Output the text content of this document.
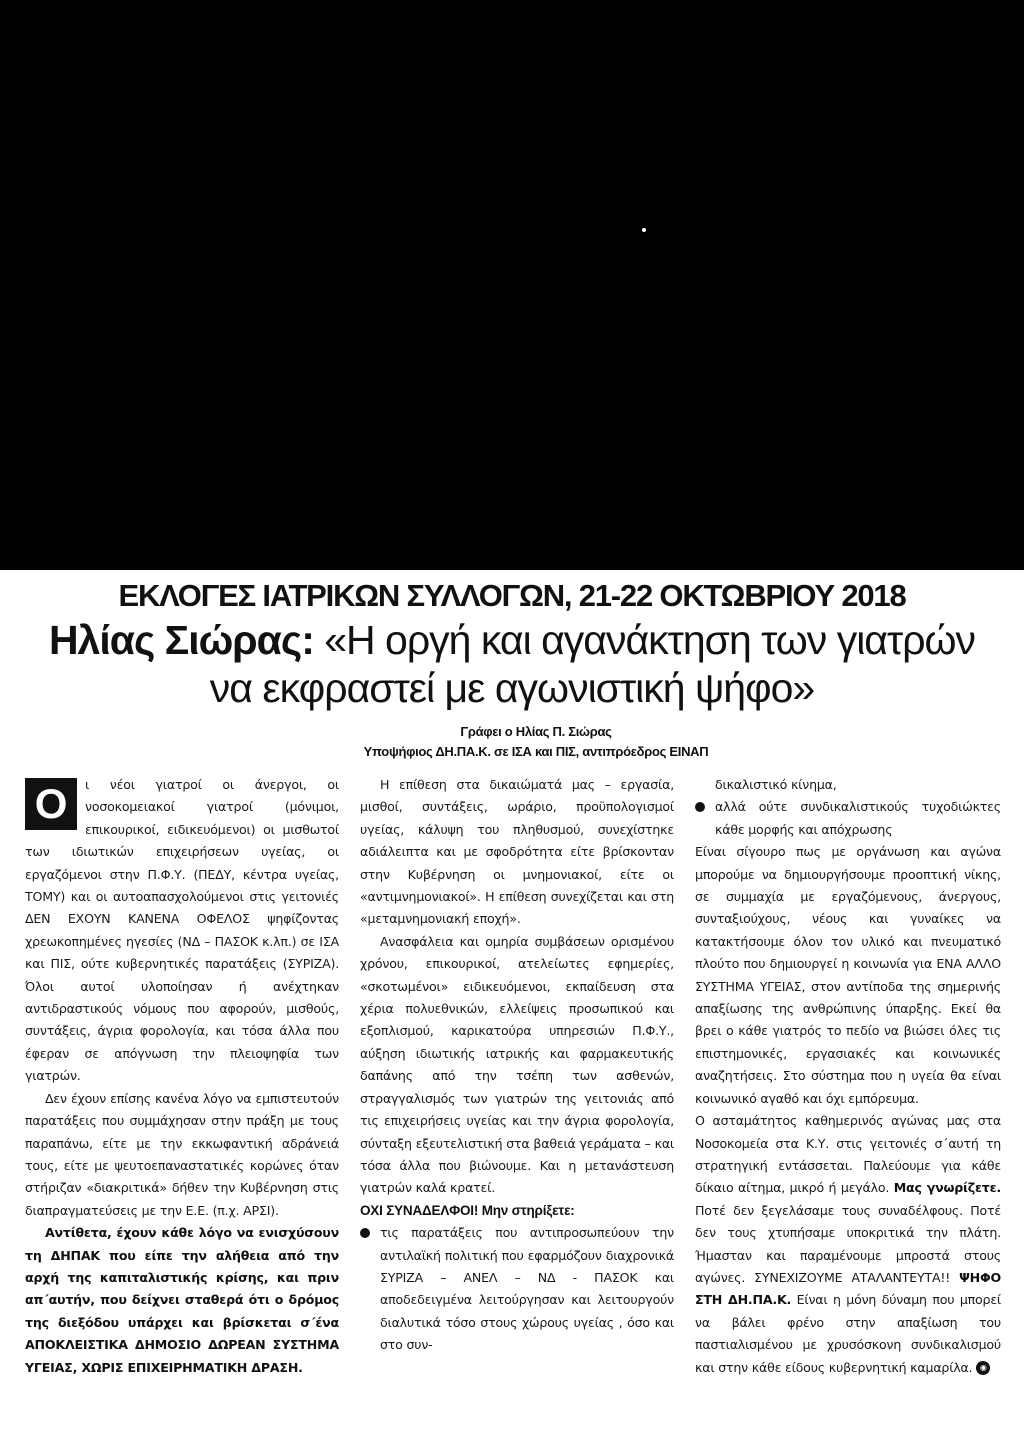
ΕΚΛΟΓΕΣ ΙΑΤΡΙΚΩΝ ΣΥΛΛΟΓΩΝ, 21-22 ΟΚΤΩΒΡΙΟΥ 2018
Ηλίας Σιώρας: «Η οργή και αγανάκτηση των γιατρών
να εκφραστεί με αγωνιστική ψήφο»
Γράφει ο Ηλίας Π. Σιώρας
Υποψήφιος ΔΗ.ΠΑ.Κ. σε ΙΣΑ και ΠΙΣ, αντιπρόεδρος ΕΙΝΑΠ

Ο	ι νέοι γιατροί οι άνεργοι, οι νοσοκομειακοί γιατροί (μόνιμοι, επικουρικοί, ειδικευόμενοι) οι μισθωτοί των ιδιωτικών επιχειρήσεων υγείας, οι εργαζόμενοι στην Π.Φ.Υ. (ΠΕΔΥ, κέντρα υγείας, ΤΟΜΥ) και οι αυτοαπασχολούμενοι στις γειτονιές ΔΕΝ ΕΧΟΥΝ ΚΑΝΕΝΑ ΟΦΕΛΟΣ ψηφίζοντας χρεωκοπημένες ηγεσίες (ΝΔ – ΠΑΣΟΚ κ.λπ.) σε ΙΣΑ και ΠΙΣ, ούτε κυβερνητικές παρατάξεις (ΣΥΡΙΖΑ). Όλοι αυτοί υλοποίησαν ή ανέχτηκαν αντιδραστικούς νόμους που αφορούν, μισθούς, συντάξεις, άγρια φορολογία, και τόσα άλλα που έφεραν σε απόγνωση την πλειοψηφία των γιατρών.

Δεν έχουν επίσης κανένα λόγο να εμπιστευτούν παρατάξεις που συμμάχησαν στην πράξη με τους παραπάνω, είτε με την εκκωφαντική αδράνειά τους, είτε με ψευτοεπαναστατικές κορώνες όταν στήριζαν «διακριτικά» δήθεν την Κυβέρνηση στις διαπραγματεύσεις με την Ε.Ε. (π.χ. ΑΡΣΙ).

Αντίθετα, έχουν κάθε λόγο να ενισχύσουν τη ΔΗΠΑΚ που είπε την αλήθεια από την αρχή της καπιταλιστικής κρίσης, και πριν απ΄αυτήν, που δείχνει σταθερά ότι ο δρόμος της διεξόδου υπάρχει και βρίσκεται σ΄ένα ΑΠΟΚΛΕΙΣΤΙΚΑ ΔΗΜΟΣΙΟ ΔΩΡΕΑΝ ΣΥΣΤΗΜΑ ΥΓΕΙΑΣ, ΧΩΡΙΣ ΕΠΙΧΕΙΡΗΜΑΤΙΚΗ ΔΡΑΣΗ.

Η επίθεση στα δικαιώματά μας – εργασία, μισθοί, συντάξεις, ωράριο, προϋπολογισμοί υγείας, κάλυψη του πληθυσμού, συνεχίστηκε αδιάλειπτα και με σφοδρότητα είτε βρίσκονταν στην Κυβέρνηση οι μνημονιακοί, είτε οι «αντιμνημονιακοί». Η επίθεση συνεχίζεται και στη «μεταμνημονιακή εποχή».

Ανασφάλεια και ομηρία συμβάσεων ορισμένου χρόνου, επικουρικοί, ατελείωτες εφημερίες, «σκοτωμένοι» ειδικευόμενοι, εκπαίδευση στα χέρια πολυεθνικών, ελλείψεις προσωπικού και εξοπλισμού, καρικατούρα υπηρεσιών Π.Φ.Υ., αύξηση ιδιωτικής ιατρικής και φαρμακευτικής δαπάνης από την τσέπη των ασθενών, στραγγαλισμός των γιατρών της γειτονιάς από τις επιχειρήσεις υγείας και την άγρια φορολογία, σύνταξη εξευτελιστική στα βαθειά γεράματα – και τόσα άλλα που βιώνουμε. Και η μετανάστευση γιατρών καλά κρατεί.

ΟΧΙ ΣΥΝΑΔΕΛΦΟΙ! Μην στηρίξετε:

τις παρατάξεις που αντιπροσωπεύουν την αντιλαϊκή πολιτική που εφαρμόζουν διαχρονικά ΣΥΡΙΖΑ – ΑΝΕΛ – ΝΔ - ΠΑΣΟΚ και αποδεδειγμένα λειτούργησαν και λειτουργούν διαλυτικά τόσο στους χώρους υγείας , όσο και στο συν-

δικαλιστικό κίνημα,

αλλά ούτε συνδικαλιστικούς τυχοδιώκτες κάθε μορφής και απόχρωσης

Είναι σίγουρο πως με οργάνωση και αγώνα μπορούμε να δημιουργήσουμε προοπτική νίκης, σε συμμαχία με εργαζόμενους, άνεργους, συνταξιούχους, νέους και γυναίκες να κατακτήσουμε όλον τον υλικό και πνευματικό πλούτο που δημιουργεί η κοινωνία για ΕΝΑ ΑΛΛΟ ΣΥΣΤΗΜΑ ΥΓΕΙΑΣ, στον αντίποδα της σημερινής απαξίωσης της ανθρώπινης ύπαρξης. Εκεί θα βρει ο κάθε γιατρός το πεδίο να βιώσει όλες τις επιστημονικές, εργασιακές και κοινωνικές αναζητήσεις. Στο σύστημα που η υγεία θα είναι κοινωνικό αγαθό και όχι εμπόρευμα.

Ο ασταμάτητος καθημερινός αγώνας μας στα Νοσοκομεία στα Κ.Υ. στις γειτονιές σ΄αυτή τη στρατηγική εντάσσεται. Παλεύουμε για κάθε δίκαιο αίτημα, μικρό ή μεγάλο. Μας γνωρίζετε. Ποτέ δεν ξεγελάσαμε τους συναδέλφους. Ποτέ δεν τους χτυπήσαμε υποκριτικά την πλάτη. Ήμασταν και παραμένουμε μπροστά στους αγώνες. ΣΥΝΕΧΙΖΟΥΜΕ ΑΤΑΛΑΝΤΕΥΤΑ!! ΨΗΦΟ ΣΤΗ ΔΗ.ΠΑ.Κ. Είναι η μόνη δύναμη που μπορεί να βάλει φρένο στην απαξίωση του παστιαλισμένου με χρυσόσκονη συνδικαλισμού και στην κάθε είδους κυβερνητική καμαρίλα. ◉
